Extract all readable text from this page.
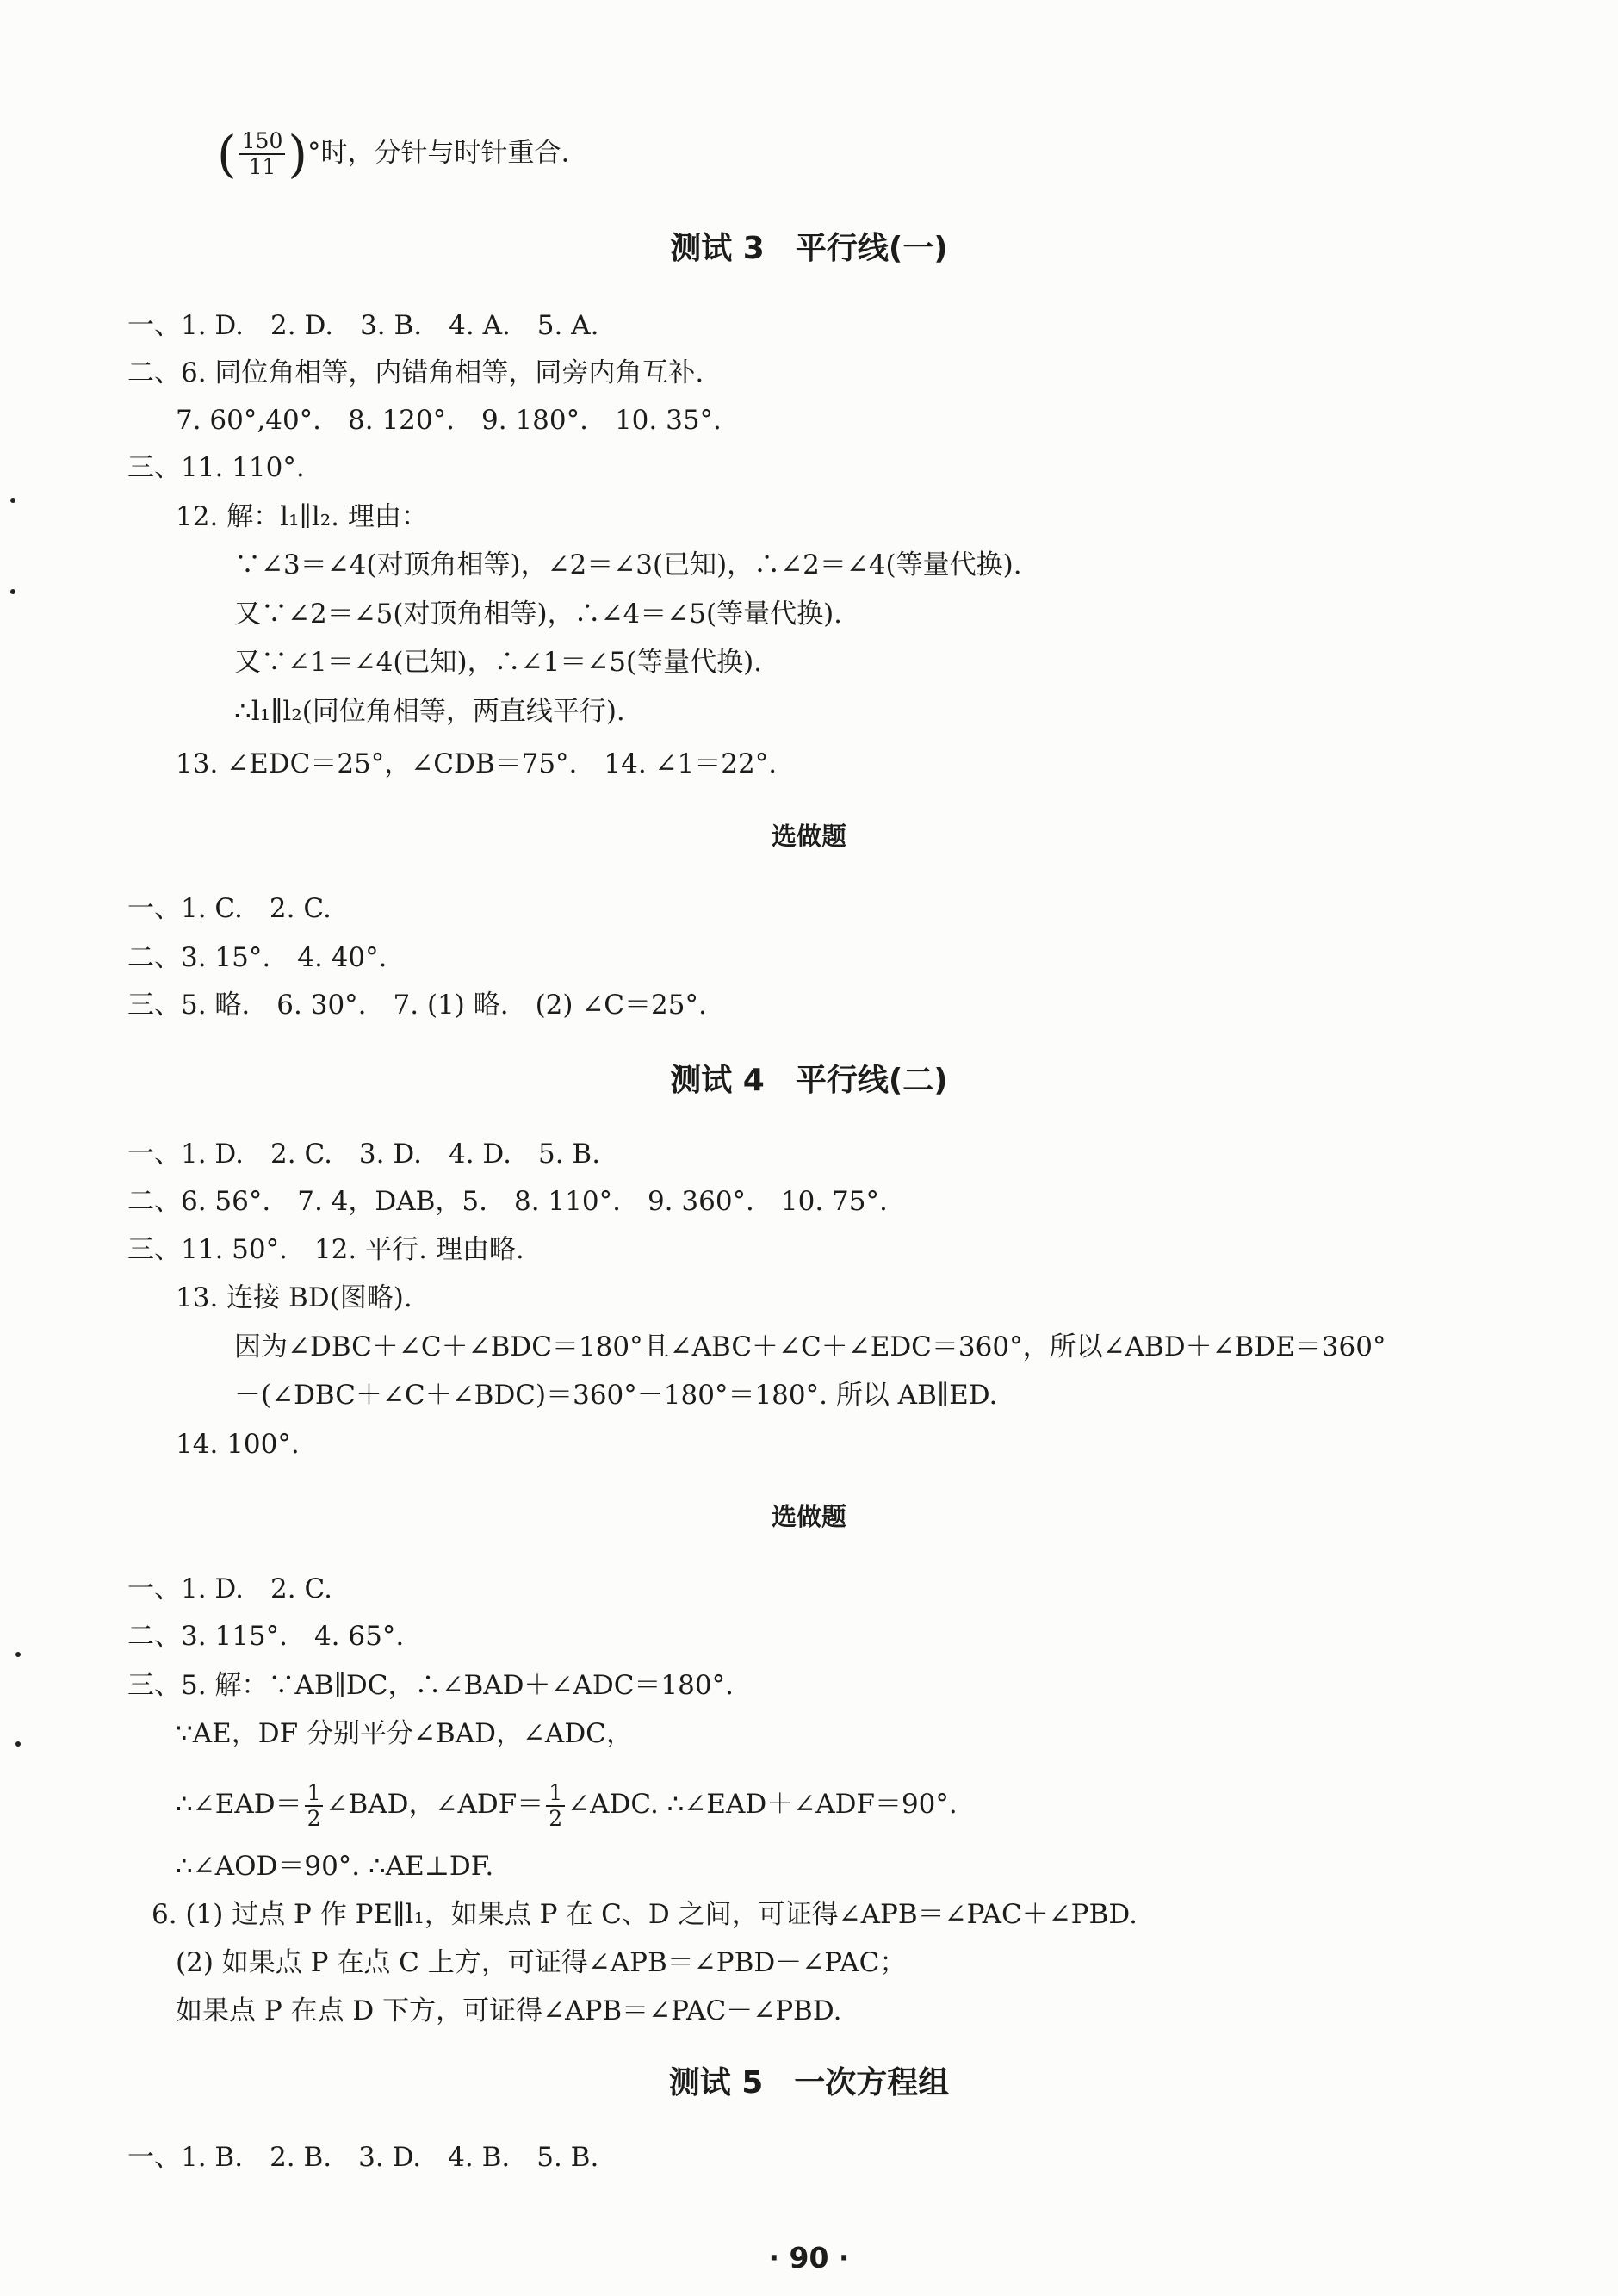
( $\frac{150}{11}$ )°时，分针与时针重合.
测试 3　平行线(一)
一、1. D.　2. D.　3. B.　4. A.　5. A.
二、6. 同位角相等，内错角相等，同旁内角互补.
7. 60°,40°.　8. 120°.　9. 180°.　10. 35°.
三、11. 110°.
12. 解：l₁∥l₂. 理由：
∵∠3＝∠4(对顶角相等)，∠2＝∠3(已知)，∴∠2＝∠4(等量代换).
又∵∠2＝∠5(对顶角相等)，∴∠4＝∠5(等量代换).
又∵∠1＝∠4(已知)，∴∠1＝∠5(等量代换).
∴l₁∥l₂(同位角相等，两直线平行).
13. ∠EDC＝25°，∠CDB＝75°.　14. ∠1＝22°.
选做题
一、1. C.　2. C.
二、3. 15°.　4. 40°.
三、5. 略.　6. 30°.　7. (1) 略.　(2) ∠C＝25°.
测试 4　平行线(二)
一、1. D.　2. C.　3. D.　4. D.　5. B.
二、6. 56°.　7. 4，DAB，5.　8. 110°.　9. 360°.　10. 75°.
三、11. 50°.　12. 平行. 理由略.
13. 连接 BD(图略).
因为∠DBC＋∠C＋∠BDC＝180°且∠ABC＋∠C＋∠EDC＝360°，所以∠ABD＋∠BDE＝360°
－(∠DBC＋∠C＋∠BDC)＝360°－180°＝180°. 所以 AB∥ED.
14. 100°.
选做题
一、1. D.　2. C.
二、3. 115°.　4. 65°.
三、5. 解：∵AB∥DC，∴∠BAD＋∠ADC＝180°.
∵AE，DF 分别平分∠BAD，∠ADC，
∴∠EAD＝ $\frac{1}{2}$ ∠BAD，∠ADF＝ $\frac{1}{2}$ ∠ADC. ∴∠EAD＋∠ADF＝90°.
∴∠AOD＝90°. ∴AE⊥DF.
6. (1) 过点 P 作 PE∥l₁，如果点 P 在 C、D 之间，可证得∠APB＝∠PAC＋∠PBD.
(2) 如果点 P 在点 C 上方，可证得∠APB＝∠PBD－∠PAC；
如果点 P 在点 D 下方，可证得∠APB＝∠PAC－∠PBD.
测试 5　一次方程组
一、1. B.　2. B.　3. D.　4. B.　5. B.
· 90 ·
